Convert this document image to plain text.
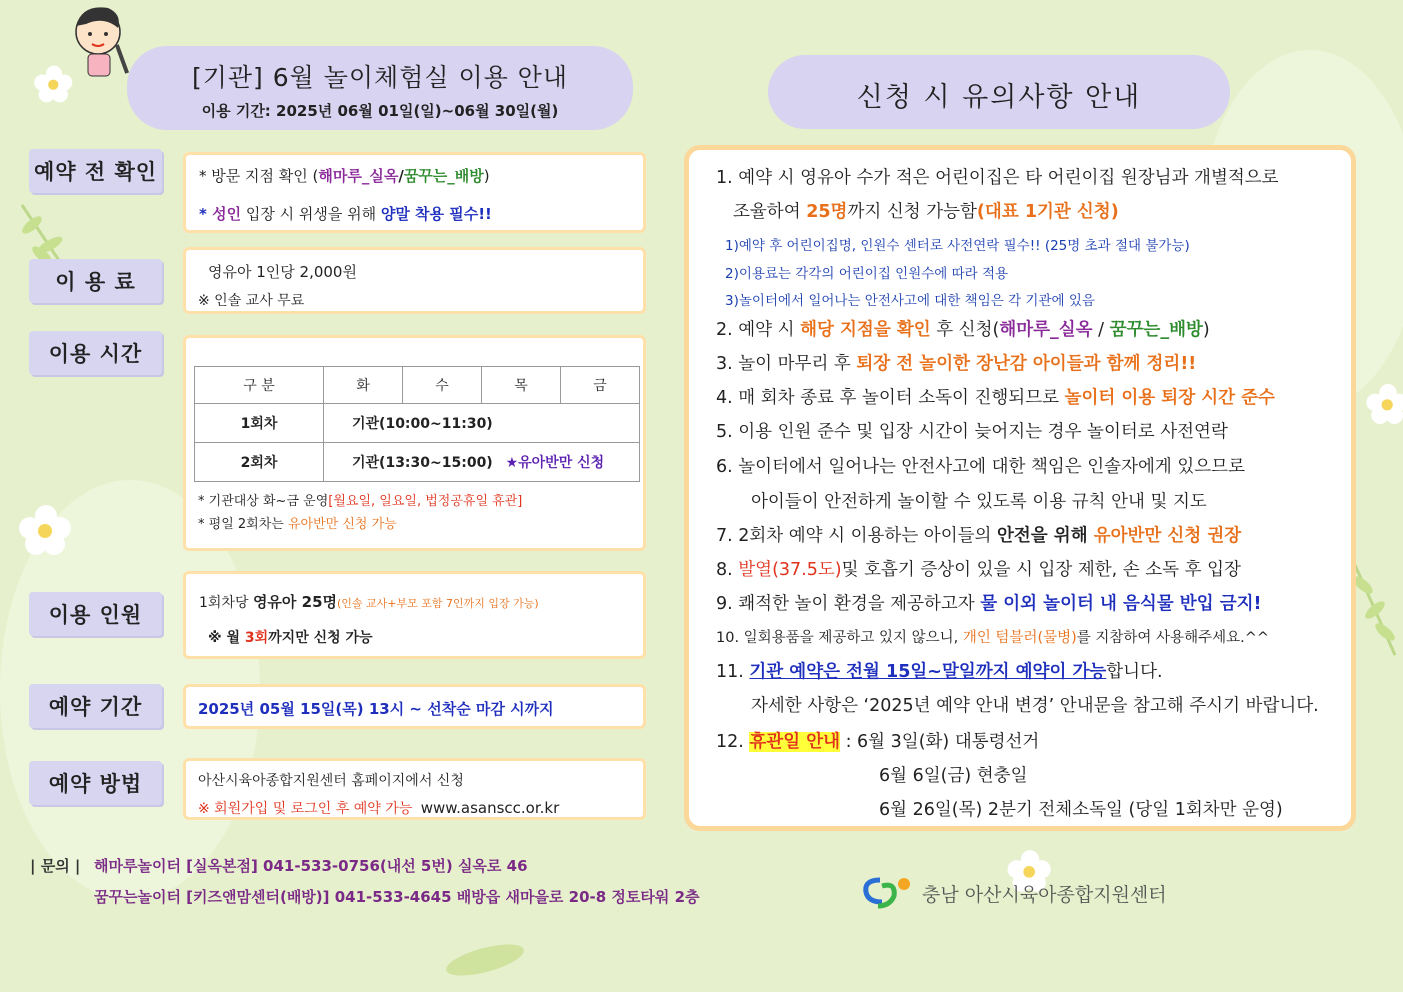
[기관] 6월 놀이체험실 이용 안내
이용 기간: 2025년 06월 01일(일)~06월 30일(월)	신청 시 유의사항 안내
예약 전 확인	* 방문 지점 확인 (해마루_실옥/꿈꾸는_배방)
* 성인 입장 시 위생을 위해 양말 착용 필수!!
이 용 료	영유아 1인당 2,000원
※ 인솔 교사 무료
이용 시간
구 분	화	수	목	금
1회차	기관(10:00~11:30)			
2회차	기관(13:30~15:00) ★유아반만 신청			
* 기관대상 화~금 운영[월요일, 일요일, 법정공휴일 휴관]
* 평일 2회차는 유아반만 신청 가능
이용 인원	1회차당 영유아 25명(인솔 교사+부모 포함 7인까지 입장 가능)
※ 월 3회까지만 신청 가능
예약 기간	2025년 05월 15일(목) 13시 ~ 선착순 마감 시까지
예약 방법	아산시육아종합지원센터 홈페이지에서 신청
※ 회원가입 및 로그인 후 예약 가능 www.asanscc.or.kr
1. 예약 시 영유아 수가 적은 어린이집은 타 어린이집 원장님과 개별적으로
조율하여 25명까지 신청 가능함(대표 1기관 신청)
1)예약 후 어린이집명, 인원수 센터로 사전연락 필수!! (25명 초과 절대 불가능)
2)이용료는 각각의 어린이집 인원수에 따라 적용
3)놀이터에서 일어나는 안전사고에 대한 책임은 각 기관에 있음
2. 예약 시 해당 지점을 확인 후 신청(해마루_실옥 / 꿈꾸는_배방)
3. 놀이 마무리 후 퇴장 전 놀이한 장난감 아이들과 함께 정리!!
4. 매 회차 종료 후 놀이터 소독이 진행되므로 놀이터 이용 퇴장 시간 준수
5. 이용 인원 준수 및 입장 시간이 늦어지는 경우 놀이터로 사전연락
6. 놀이터에서 일어나는 안전사고에 대한 책임은 인솔자에게 있으므로
아이들이 안전하게 놀이할 수 있도록 이용 규칙 안내 및 지도
7. 2회차 예약 시 이용하는 아이들의 안전을 위해 유아반만 신청 권장
8. 발열(37.5도)및 호흡기 증상이 있을 시 입장 제한, 손 소독 후 입장
9. 쾌적한 놀이 환경을 제공하고자 물 이외 놀이터 내 음식물 반입 금지!
10. 일회용품을 제공하고 있지 않으니, 개인 텀블러(물병)를 지참하여 사용해주세요.^^
11. 기관 예약은 전월 15일~말일까지 예약이 가능합니다.
자세한 사항은 ‘2025년 예약 안내 변경’ 안내문을 참고해 주시기 바랍니다.
12. 휴관일 안내 : 6월 3일(화) 대통령선거
6월 6일(금) 현충일
6월 26일(목) 2분기 전체소독일 (당일 1회차만 운영)
| 문의 | 해마루놀이터 [실옥본점] 041-533-0756(내선 5번) 실옥로 46
꿈꾸는놀이터 [키즈앤맘센터(배방)] 041-533-4645 배방읍 새마을로 20-8 정토타워 2층	충남 아산시육아종합지원센터
